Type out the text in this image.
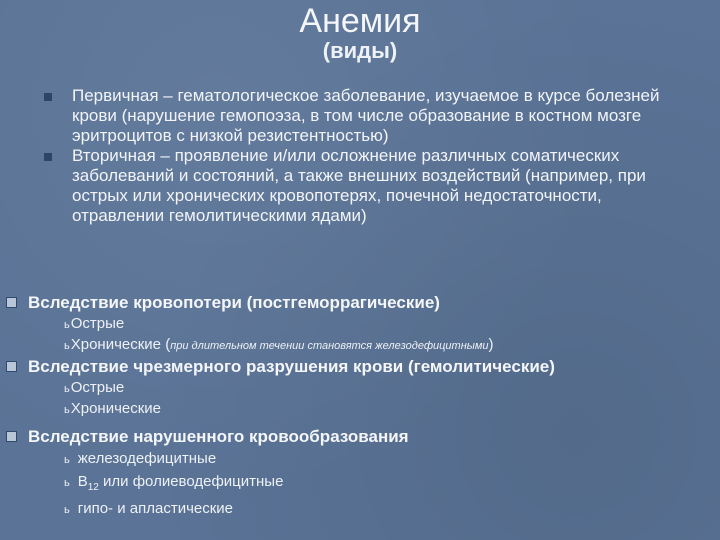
Анемия
(виды)
Первичная – гематологическое заболевание, изучаемое в курсе болезней крови (нарушение гемопоэза, в том числе образование в костном мозге эритроцитов с низкой резистентностью)
Вторичная – проявление и/или осложнение различных соматических заболеваний и состояний, а также внешних воздействий (например, при острых или хронических кровопотерях, почечной недостаточности, отравлении гемолитическими ядами)
Вследствие кровопотери (постгеморрагические)
ьОстрые
ьХронические (при длительном течении становятся железодефицитными)
Вследствие чрезмерного разрушения крови (гемолитические)
ьОстрые
ьХронические
Вследствие нарушенного кровообразования
ь железодефицитные
ь $В_{12}$ или фолиеводефицитные
ь гипо- и апластические
